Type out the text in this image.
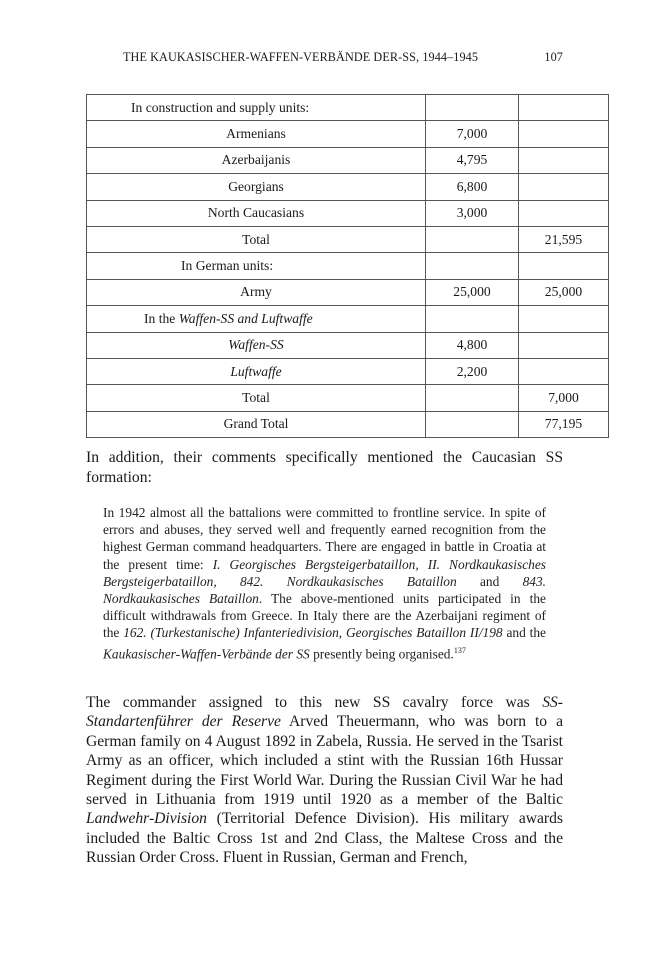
THE KAUKASISCHER-WAFFEN-VERBÄNDE DER-SS, 1944–1945	107
In construction and supply units:		
Armenians	7,000	
Azerbaijanis	4,795	
Georgians	6,800	
North Caucasians	3,000	
Total		21,595
In German units:		
Army	25,000	25,000
In the Waffen-SS and Luftwaffe		
Waffen-SS	4,800	
Luftwaffe	2,200	
Total		7,000
Grand Total		77,195

In addition, their comments specifically mentioned the Caucasian SS formation:

In 1942 almost all the battalions were committed to frontline service. In spite of errors and abuses, they served well and frequently earned recognition from the highest German command headquarters. There are engaged in battle in Croatia at the present time: I. Georgisches Bergsteigerbataillon, II. Nordkaukasisches Bergsteigerbataillon, 842. Nordkaukasisches Bataillon and 843. Nordkaukasisches Bataillon. The above-mentioned units participated in the difficult withdrawals from Greece. In Italy there are the Azerbaijani regiment of the 162. (Turkestanische) Infanteriedivision, Georgisches Bataillon II/198 and the Kaukasischer-Waffen-Verbände der SS presently being organised.$^{137}$
The commander assigned to this new SS cavalry force was SS-Standartenführer der Reserve Arved Theuermann, who was born to a German family on 4 August 1892 in Zabela, Russia. He served in the Tsarist Army as an officer, which included a stint with the Russian 16th Hussar Regiment during the First World War. During the Russian Civil War he had served in Lithuania from 1919 until 1920 as a member of the Baltic Landwehr-Division (Territorial Defence Division). His military awards included the Baltic Cross 1st and 2nd Class, the Maltese Cross and the Russian Order Cross. Fluent in Russian, German and French,
